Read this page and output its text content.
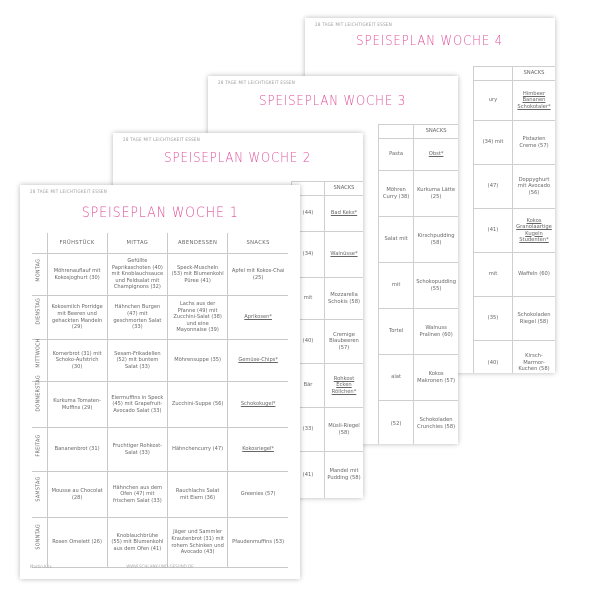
28 TAGE MIT LEICHTIGKEIT ESSEN
SPEISEPLAN WOCHE 4
	SNACKS
ury	Himbeer Bananen Schokotaler*
(34) mit	Pistazien Creme (57)
(47)	Doppyghurt mit Avocado (56)
(41)	Kokos Granolaartige Kugeln Studenten*
mit	Waffeln (60)
(35)	Schokoladen Riegel (58)
(40)	Kirsch-Marmor-Kuchen (58)
28 TAGE MIT LEICHTIGKEIT ESSEN
SPEISEPLAN WOCHE 3
	SNACKS
Pasta	Obst*
Möhren Curry (38)	Kurkuma Lätte (25)
Salat mit	Kirschpudding (58)
mit	Schokopudding (55)
Tortel	Walnuss Pralinen (60)
alat	Kokos Makronen (57)
(52)	Schokoladen Crunchies (58)
28 TAGE MIT LEICHTIGKEIT ESSEN
SPEISEPLAN WOCHE 2
	SNACKS
(44)	Bad Keks*
(34)	Walnüsse*
mit	Mozzarella Schokis (58)
(40)	Cremige Blaubeeren (57)
Bär	Rohkost Ecken Röllchen*
(33)	Müsli-Riegel (58)
(41)	Mandel mit Pudding (58)
28 TAGE MIT LEICHTIGKEIT ESSEN
SPEISEPLAN WOCHE 1
	FRÜHSTÜCK	MITTAG	ABENDESSEN	SNACKS

MONTAG	Möhrenauflauf mit Kokosjoghurt (30)	Gefüllte Paprikaschoten (40) mit Knoblauchsauce und Feldsalat mit Champignons (32)	Speck-Muscheln (53) mit Blumenkohl Püree (41)	Apfel mit Kokos-Chai (25)

DIENSTAG	Kokosmilch Porridge mit Beeren und gehackten Mandeln (29)	Hähnchen Burgen (47) mit geschmorten Salat (33)	Lachs aus der Pfanne (49) mit Zucchini-Salat (38) und eine Mayonnaise (39)	Aprikosen*

MITTWOCH	Kornerbrot (31) mit Schoko-Aufstrich (30)	Sesam-Frikadellen (52) mit buntem Salat (33)	Möhrensuppe (35)	Gemüse-Chips*

DONNERSTAG	Kurkuma Tomaten-Muffins (29)	Eiermuffins in Speck (45) mit Grapefruit-Avocado Salat (33)	Zucchini-Suppe (56)	Schokokugel*

FREITAG	Bananenbrot (31)	Fruchtiger Rohkost-Salat (33)	Hähnchencurry (47)	Kokosriegel*

SAMSTAG	Mousse au Chocolat (28)	Hähnchen aus dem Ofen (47) mit frischem Salat (33)	Rauchlachs Salat mit Eiern (36)	Greenies (57)

SONNTAG	Rosen Omelett (26)	Knoblauchbrühe (55) mit Blumenkohl aus dem Ofen (41)	Jäger und Sammler Krautenbrot (31) mit rohem Schinken und Avocado (43)	Pfaudenmuffins (53)
Martin Krix	WWW.SCHLANK-UND-GESUND.DE
